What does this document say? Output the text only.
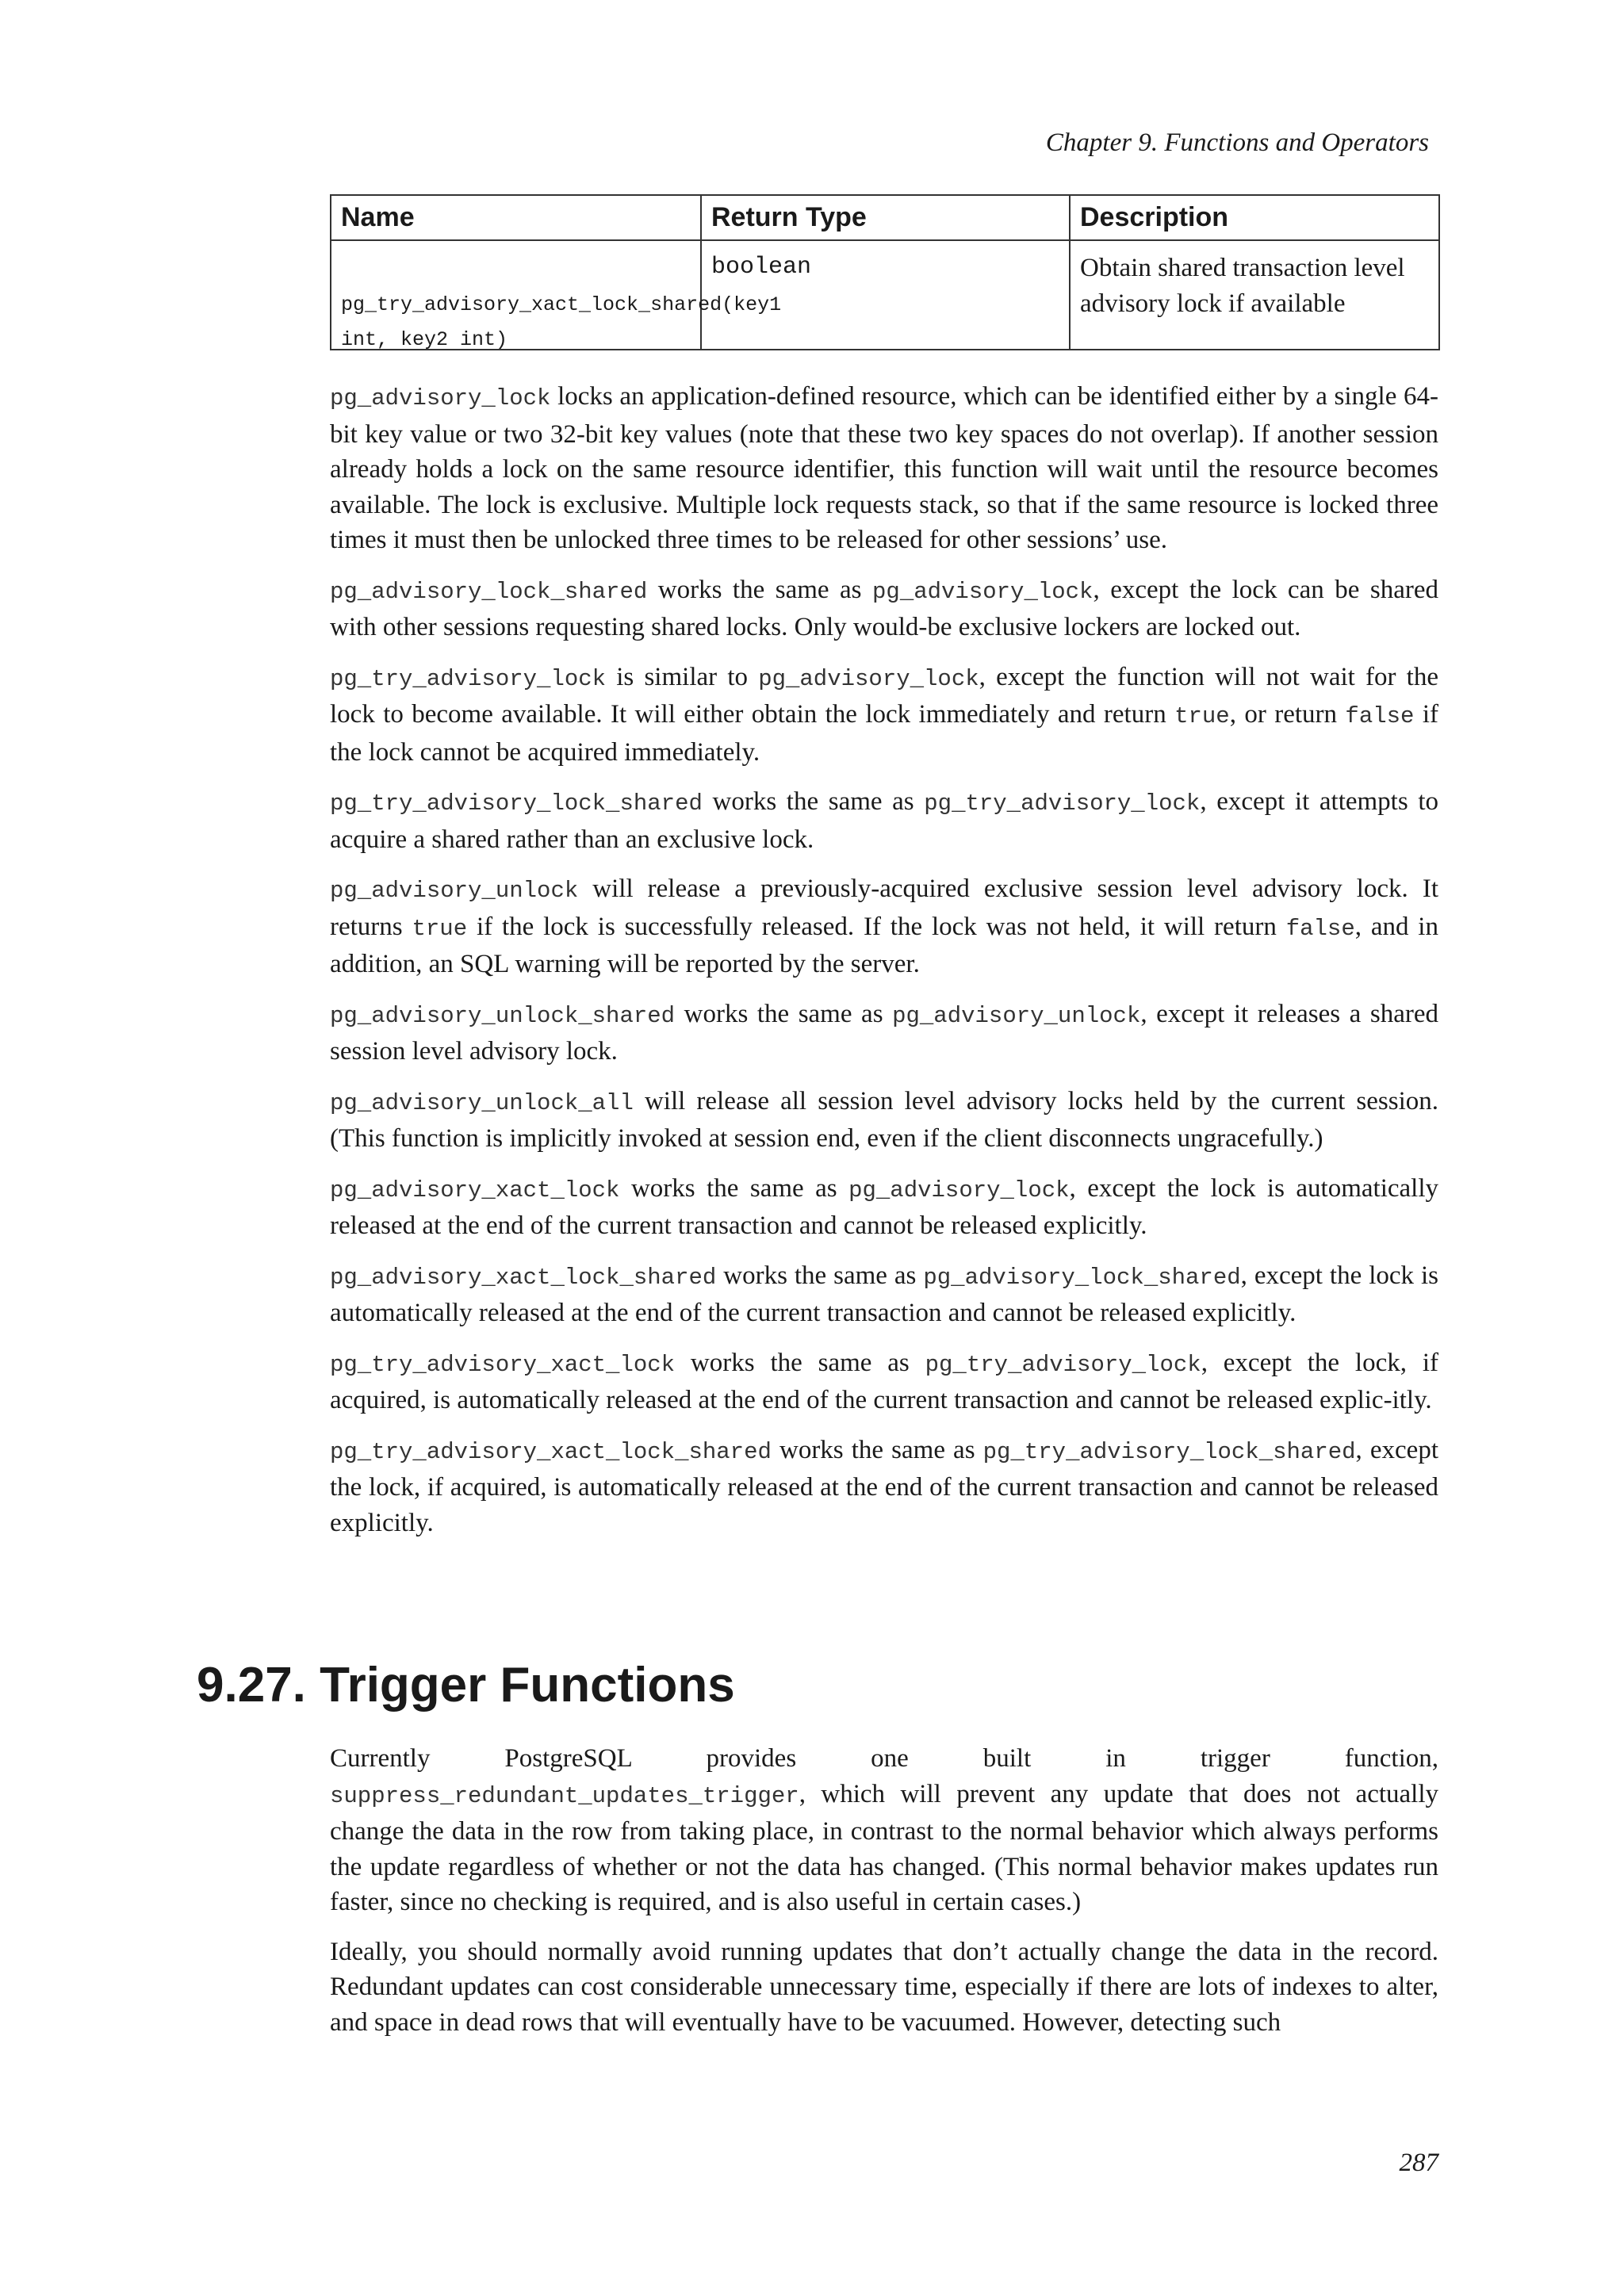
Chapter 9. Functions and Operators
Name	Return Type	Description

pg_try_advisory_xact_lock_shared(key1
int, key2 int)	boolean	Obtain shared transaction level advisory lock if available

pg_advisory_lock locks an application-defined resource, which can be identified either by a single 64-bit key value or two 32-bit key values (note that these two key spaces do not overlap). If another session already holds a lock on the same resource identifier, this function will wait until the resource becomes available. The lock is exclusive. Multiple lock requests stack, so that if the same resource is locked three times it must then be unlocked three times to be released for other sessions’ use.

pg_advisory_lock_shared works the same as pg_advisory_lock, except the lock can be shared with other sessions requesting shared locks. Only would-be exclusive lockers are locked out.

pg_try_advisory_lock is similar to pg_advisory_lock, except the function will not wait for the lock to become available. It will either obtain the lock immediately and return true, or return false if the lock cannot be acquired immediately.

pg_try_advisory_lock_shared works the same as pg_try_advisory_lock, except it attempts to acquire a shared rather than an exclusive lock.

pg_advisory_unlock will release a previously-acquired exclusive session level advisory lock. It returns true if the lock is successfully released. If the lock was not held, it will return false, and in addition, an SQL warning will be reported by the server.

pg_advisory_unlock_shared works the same as pg_advisory_unlock, except it releases a shared session level advisory lock.

pg_advisory_unlock_all will release all session level advisory locks held by the current session. (This function is implicitly invoked at session end, even if the client disconnects ungracefully.)

pg_advisory_xact_lock works the same as pg_advisory_lock, except the lock is automatically released at the end of the current transaction and cannot be released explicitly.

pg_advisory_xact_lock_shared works the same as pg_advisory_lock_shared, except the lock is automatically released at the end of the current transaction and cannot be released explicitly.

pg_try_advisory_xact_lock works the same as pg_try_advisory_lock, except the lock, if acquired, is automatically released at the end of the current transaction and cannot be released explic-itly.

pg_try_advisory_xact_lock_shared works the same as pg_try_advisory_lock_shared, except the lock, if acquired, is automatically released at the end of the current transaction and cannot be released explicitly.

9.27. Trigger Functions

Currently PostgreSQL provides one built in trigger function, suppress_redundant_updates_trigger, which will prevent any update that does not actually change the data in the row from taking place, in contrast to the normal behavior which always performs the update regardless of whether or not the data has changed. (This normal behavior makes updates run faster, since no checking is required, and is also useful in certain cases.)

Ideally, you should normally avoid running updates that don’t actually change the data in the record. Redundant updates can cost considerable unnecessary time, especially if there are lots of indexes to alter, and space in dead rows that will eventually have to be vacuumed. However, detecting such

287
